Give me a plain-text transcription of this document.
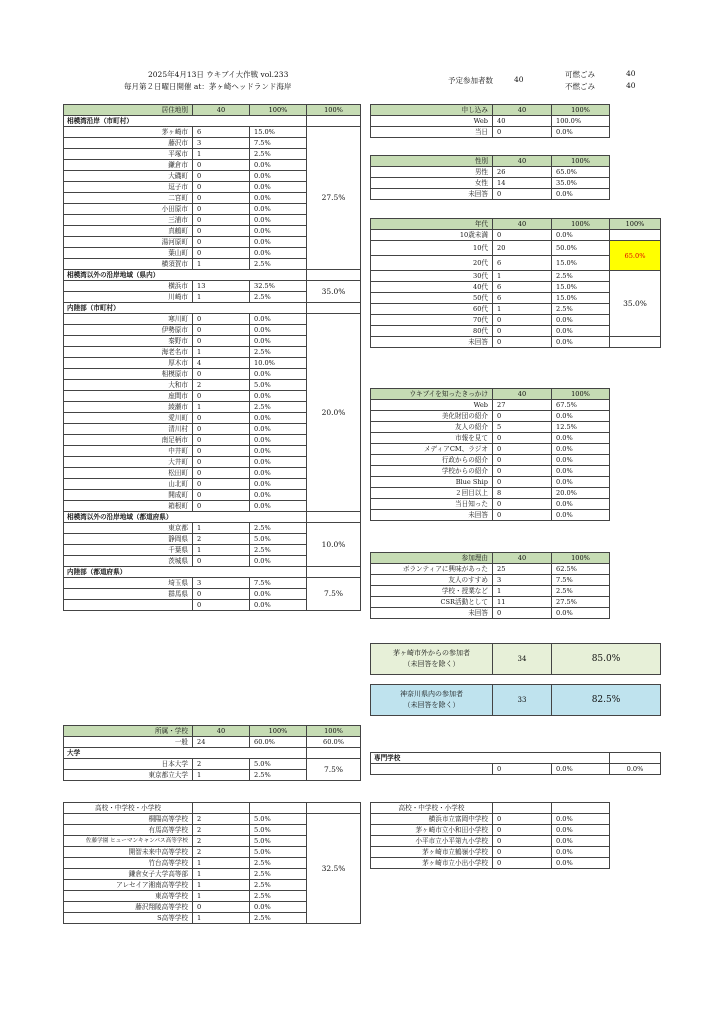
2025年4月13日 ウキブイ大作戦 vol.233
毎月第２日曜日開催 at：茅ヶ崎ヘッドランド海岸
予定参加者数	40
可燃ごみ	40
不燃ごみ	40
居住地別	40	100%	100%
相模湾沿岸（市町村）			
茅ヶ崎市	6	15.0%	27.5%
藤沢市	3	7.5%	
平塚市	1	2.5%	
鎌倉市	0	0.0%	
大磯町	0	0.0%	
逗子市	0	0.0%	
二宮町	0	0.0%	
小田原市	0	0.0%	
三浦市	0	0.0%	
真鶴町	0	0.0%	
湯河原町	0	0.0%	
葉山町	0	0.0%	
横須賀市	1	2.5%	
相模湾以外の沿岸地域（県内）			
横浜市	13	32.5%	35.0%
川崎市	1	2.5%	
内陸部（市町村）			
寒川町	0	0.0%	20.0%
伊勢原市	0	0.0%	
秦野市	0	0.0%	
海老名市	1	2.5%	
厚木市	4	10.0%	
相模原市	0	0.0%	
大和市	2	5.0%	
座間市	0	0.0%	
綾瀬市	1	2.5%	
愛川町	0	0.0%	
清川村	0	0.0%	
南足柄市	0	0.0%	
中井町	0	0.0%	
大井町	0	0.0%	
松田町	0	0.0%	
山北町	0	0.0%	
開成町	0	0.0%	
箱根町	0	0.0%	
相模湾以外の沿岸地域（都道府県）			
東京都	1	2.5%	10.0%
静岡県	2	5.0%	
千葉県	1	2.5%	
茨城県	0	0.0%	
内陸部（都道府県）			
埼玉県	3	7.5%	7.5%
群馬県	0	0.0%	
	0	0.0%	
申し込み	40	100%
Web	40	100.0%
当日	0	0.0%
性別	40	100%
男性	26	65.0%
女性	14	35.0%
未回答	0	0.0%
年代	40	100%	100%
10歳未満	0	0.0%	
10代	20	50.0%	65.0%
20代	6	15.0%	
30代	1	2.5%	35.0%
40代	6	15.0%	
50代	6	15.0%	
60代	1	2.5%	
70代	0	0.0%	
80代	0	0.0%	
未回答	0	0.0%	
ウキブイを知ったきっかけ	40	100%
Web	27	67.5%
美化財団の紹介	0	0.0%
友人の紹介	5	12.5%
市報を見て	0	0.0%
メディアCM、ラジオ	0	0.0%
行政からの紹介	0	0.0%
学校からの紹介	0	0.0%
Blue Ship	0	0.0%
２回目以上	8	20.0%
当日知った	0	0.0%
未回答	0	0.0%
参加理由	40	100%
ボランティアに興味があった	25	62.5%
友人のすすめ	3	7.5%
学校・授業など	1	2.5%
CSR活動として	11	27.5%
未回答	0	0.0%
茅ヶ崎市外からの参加者
（未回答を除く）	34	85.0%
神奈川県内の参加者
（未回答を除く）	33	82.5%
所属・学校	40	100%	100%
一般	24	60.0%	60.0%
大学			
日本大学	2	5.0%	7.5%
東京都立大学	1	2.5%	
専門学校			
	0	0.0%	0.0%
高校・中学校・小学校			
桐陽高等学校	2	5.0%	32.5%
有馬高等学校	2	5.0%	
佐藤学園 ヒューマンキャンパス高等学校	2	5.0%	
開智未来中高等学校	2	5.0%	
竹台高等学校	1	2.5%	
鎌倉女子大学高等部	1	2.5%	
アレセイア湘南高等学校	1	2.5%	
東高等学校	1	2.5%	
藤沢翔陵高等学校	0	0.0%	
S高等学校	1	2.5%	
高校・中学校・小学校		
横浜市立富岡中学校	0	0.0%
茅ヶ崎市立小和田小学校	0	0.0%
小平市立小平第九小学校	0	0.0%
茅ヶ崎市立鶴嶺小学校	0	0.0%
茅ヶ崎市立小出小学校	0	0.0%
